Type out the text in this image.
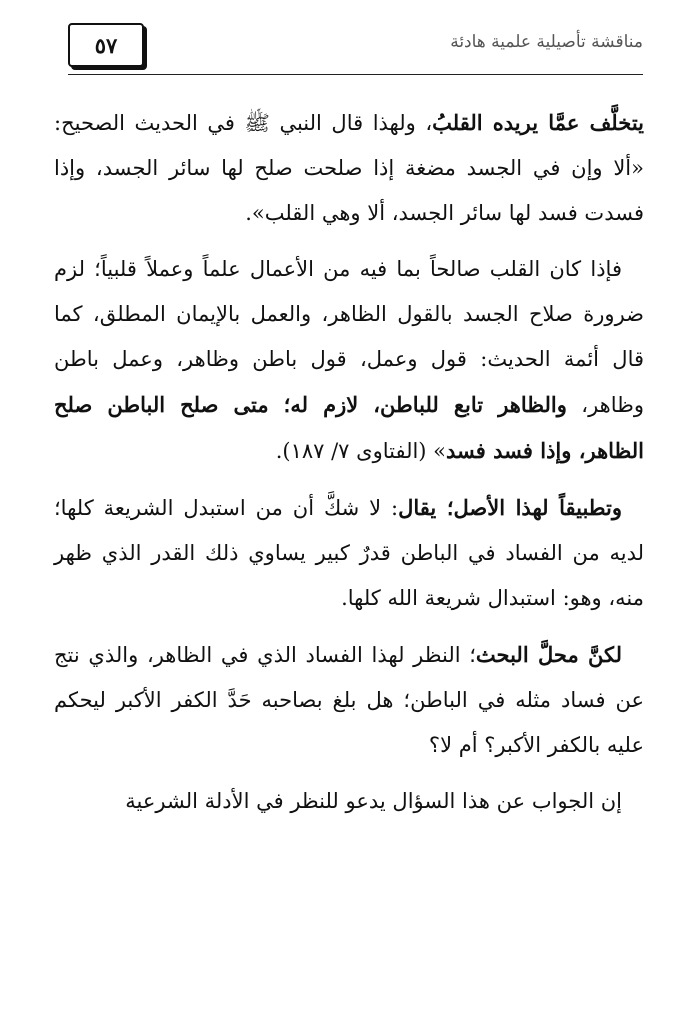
٥٧	مناقشة تأصيلية علمية هادئة

يتخلَّف عمَّا يريده القلبُ، ولهذا قال النبي ﷺ في الحديث الصحيح: «ألا وإن في الجسد مضغة إذا صلحت صلح لها سائر الجسد، وإذا فسدت فسد لها سائر الجسد، ألا وهي القلب».

فإذا كان القلب صالحاً بما فيه من الأعمال علماً وعملاً قلبياً؛ لزم ضرورة صلاح الجسد بالقول الظاهر، والعمل بالإيمان المطلق، كما قال أئمة الحديث: قول وعمل، قول باطن وظاهر، وعمل باطن وظاهر، والظاهر تابع للباطن، لازم له؛ متى صلح الباطن صلح الظاهر، وإذا فسد فسد» (الفتاوى ٧/ ١٨٧).

وتطبيقاً لهذا الأصل؛ يقال: لا شكَّ أن من استبدل الشريعة كلها؛ لديه من الفساد في الباطن قدرٌ كبير يساوي ذلك القدر الذي ظهر منه، وهو: استبدال شريعة الله كلها.

لكنَّ محلَّ البحث؛ النظر لهذا الفساد الذي في الظاهر، والذي نتج عن فساد مثله في الباطن؛ هل بلغ بصاحبه حَدَّ الكفر الأكبر ليحكم عليه بالكفر الأكبر؟ أم لا؟

إن الجواب عن هذا السؤال يدعو للنظر في الأدلة الشرعية
